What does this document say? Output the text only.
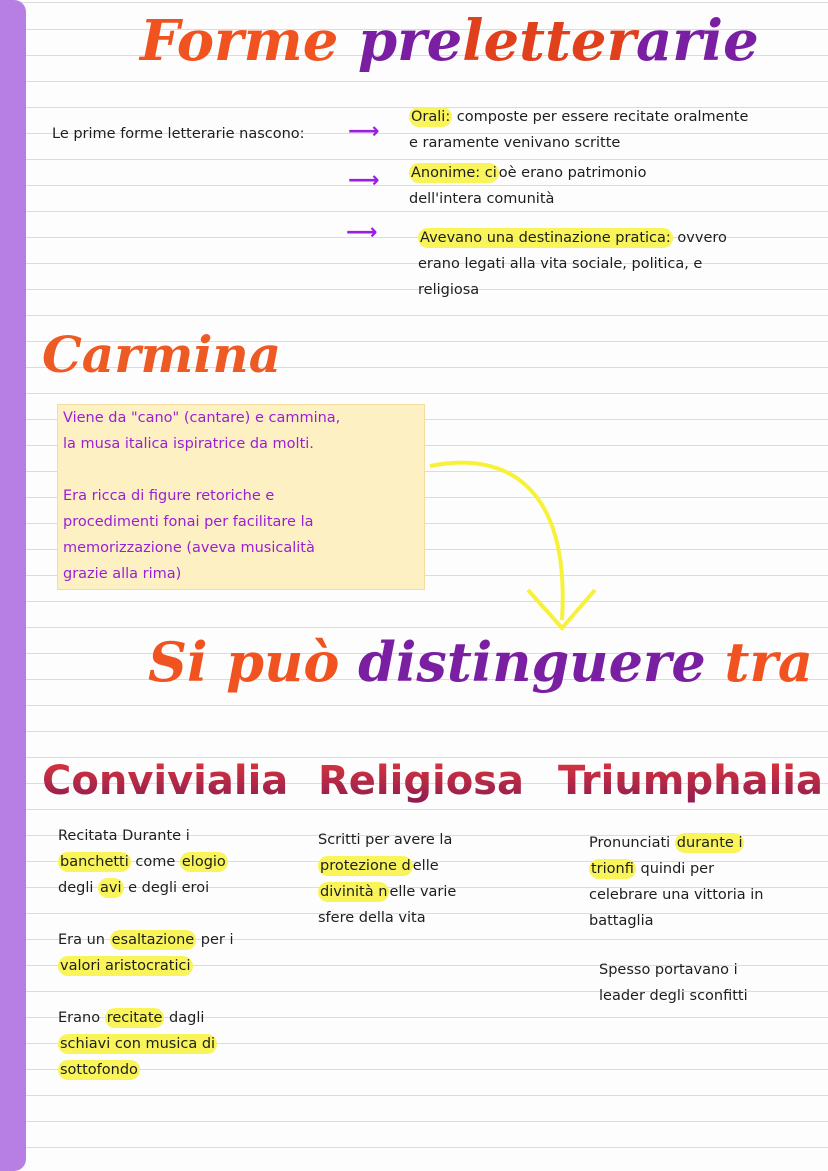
Forme preletterarie
Le prime forme letterarie nascono: ⟶
⟶
⟶
Orali: composte per essere recitate oralmente
e raramente venivano scritte
Anonime: ci oè erano patrimonio
dell'intera comunità
Avevano una destinazione pratica: ovvero
erano legati alla vita sociale, politica, e
religiosa
Carmina
Viene da "cano" (cantare) e cammina,
la musa italica ispiratrice da molti.
Era ricca di figure retoriche e
procedimenti fonai per facilitare la
memorizzazione (aveva musicalità
grazie alla rima)
Si può distinguere tra
Convivialia Religiosa Triumphalia
Recitata Durante i
banchetti come elogio
degli avi e degli eroi
Era un esaltazione per i
valori aristocratici
Erano recitate dagli
schiavi con musica di
sottofondo
Scritti per avere la
protezione d elle
divinità n elle varie
sfere della vita
Pronunciati durante i
trionfi quindi per
celebrare una vittoria in
battaglia
Spesso portavano i
leader degli sconfitti
